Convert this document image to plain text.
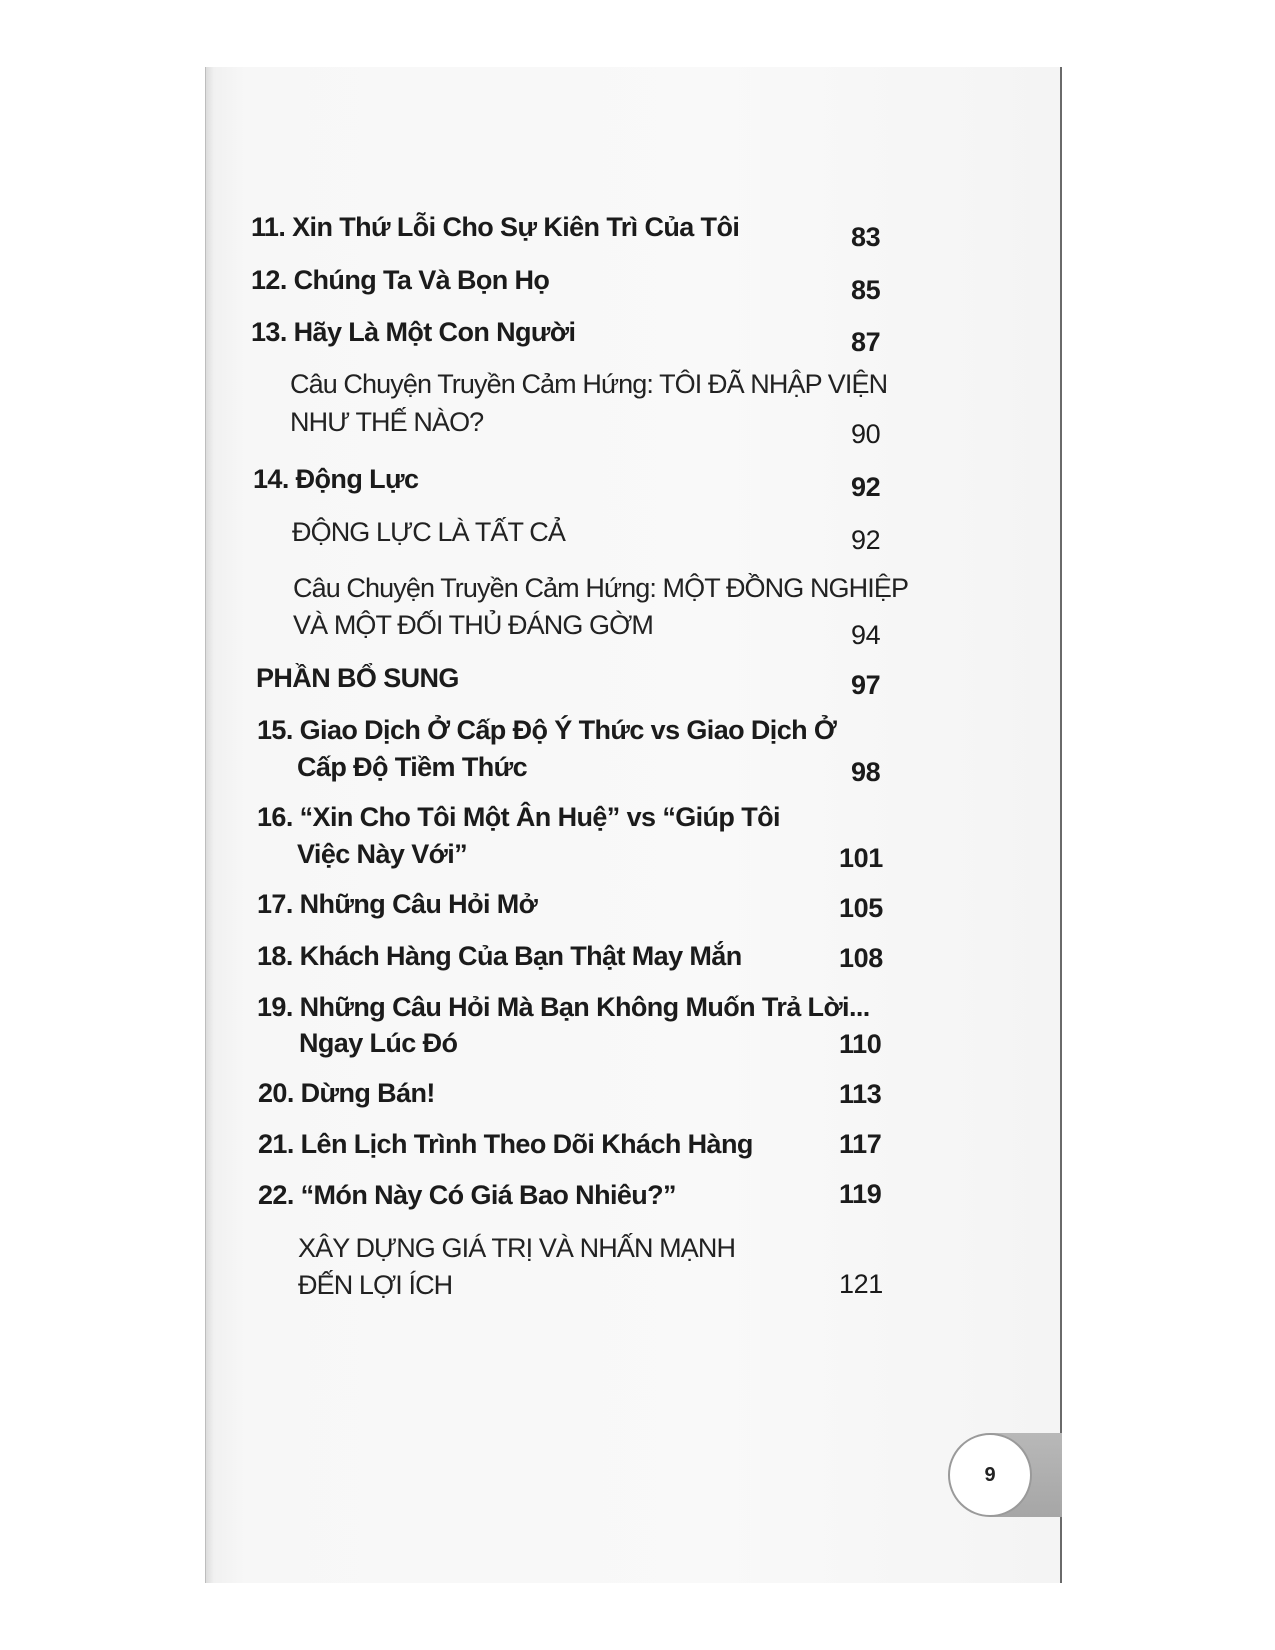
11. Xin Thứ Lỗi Cho Sự Kiên Trì Của Tôi	83
12. Chúng Ta Và Bọn Họ	85
13. Hãy Là Một Con Người	87
Câu Chuyện Truyền Cảm Hứng: TÔI ĐÃ NHẬP VIỆN
NHƯ THẾ NÀO?	90
14. Động Lực	92
ĐỘNG LỰC LÀ TẤT CẢ	92
Câu Chuyện Truyền Cảm Hứng: MỘT ĐỒNG NGHIỆP
VÀ MỘT ĐỐI THỦ ĐÁNG GỜM	94
PHẦN BỔ SUNG	97
15. Giao Dịch Ở Cấp Độ Ý Thức vs Giao Dịch Ở
Cấp Độ Tiềm Thức	98
16. “Xin Cho Tôi Một Ân Huệ” vs “Giúp Tôi
Việc Này Với”	101
17. Những Câu Hỏi Mở	105
18. Khách Hàng Của Bạn Thật May Mắn	108
19. Những Câu Hỏi Mà Bạn Không Muốn Trả Lời...
Ngay Lúc Đó	110
20. Dừng Bán!	113
21. Lên Lịch Trình Theo Dõi Khách Hàng	117
22. “Món Này Có Giá Bao Nhiêu?”	119
XÂY DỰNG GIÁ TRỊ VÀ NHẤN MẠNH
ĐẾN LỢI ÍCH	121
9
